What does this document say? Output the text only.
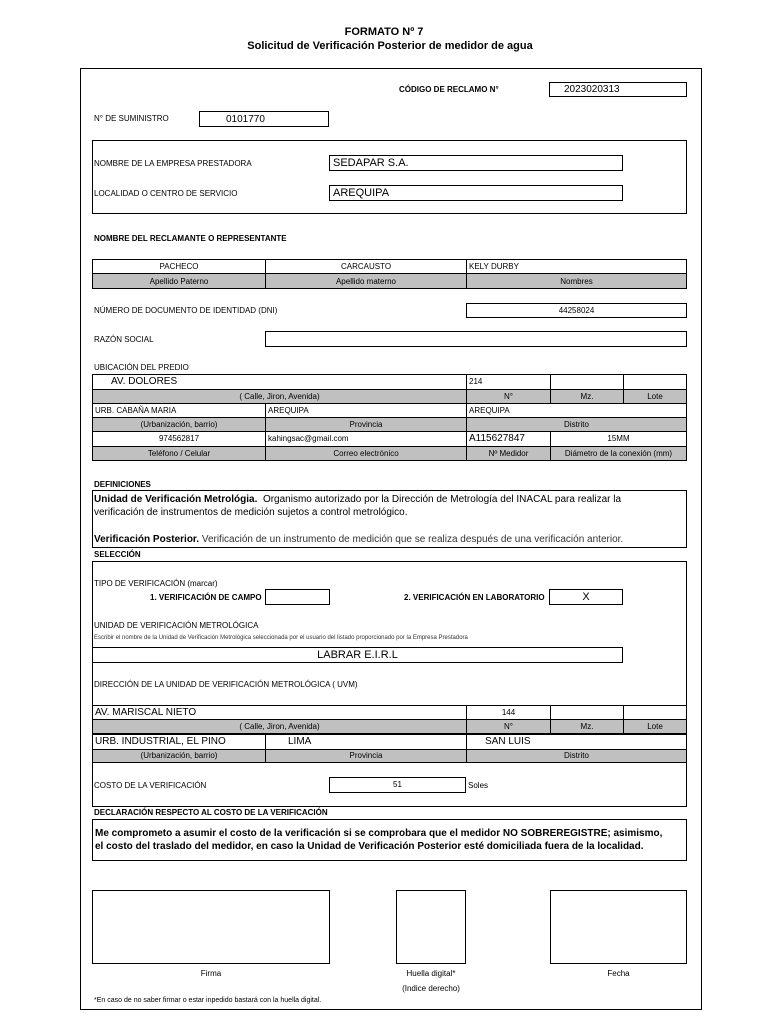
FORMATO Nº 7
Solicitud de Verificación Posterior de medidor de agua
CÓDIGO DE RECLAMO N°	2023020313
N° DE SUMINISTRO	0101770
NOMBRE DE LA EMPRESA PRESTADORA	SEDAPAR S.A.
LOCALIDAD O CENTRO DE SERVICIO	AREQUIPA
NOMBRE DEL RECLAMANTE O REPRESENTANTE
PACHECO	CARCAUSTO	KELY DURBY
Apellido Paterno	Apellido materno	Nombres
NÚMERO DE DOCUMENTO DE IDENTIDAD (DNI)	44258024
RAZÓN SOCIAL
UBICACIÓN DEL PREDIO
AV. DOLORES	214
( Calle, Jiron, Avenida)	N°	Mz.	Lote
URB. CABAÑA MARIA	AREQUIPA	AREQUIPA
(Urbanización, barrio)	Provincia	Distrito
974562817	kahingsac@gmail.com	A115627847	15MM
Teléfono / Celular	Correo electrónico	Nº Medidor	Diámetro de la conexión (mm)
DEFINICIONES
Unidad de Verificación Metrológia. Organismo autorizado por la Dirección de Metrología del INACAL para realizar la
verificación de instrumentos de medición sujetos a control metrológico.
Verificación Posterior. Verificación de un instrumento de medición que se realiza después de una verificación anterior.
SELECCIÓN
TIPO DE VERIFICACIÓN (marcar)
1. VERIFICACIÓN DE CAMPO	2. VERIFICACIÓN EN LABORATORIO	X
UNIDAD DE VERIFICACIÓN METROLÓGICA
Escribir el nombre de la Unidad de Verificación Metrológica seleccionada por el usuario del listado proporcionado por la Empresa Prestadora
LABRAR E.I.R.L
DIRECCIÓN DE LA UNIDAD DE VERIFICACIÓN METROLÓGICA ( UVM)
AV. MARISCAL NIETO	144
( Calle, Jiron, Avenida)	N°	Mz.	Lote
URB. INDUSTRIAL, EL PINO	LIMA	SAN LUIS
(Urbanización, barrio)	Provincia	Distrito
COSTO DE LA VERIFICACIÓN	51	Soles
DECLARACIÓN RESPECTO AL COSTO DE LA VERIFICACIÓN
Me comprometo a asumir el costo de la verificación si se comprobara que el medidor NO SOBREREGISTRE; asimismo,
el costo del traslado del medidor, en caso la Unidad de Verificación Posterior esté domiciliada fuera de la localidad.
Firma	Huella digital*
(Indice derecho)
Fecha
*En caso de no saber firmar o estar inpedido bastará con la huella digital.
